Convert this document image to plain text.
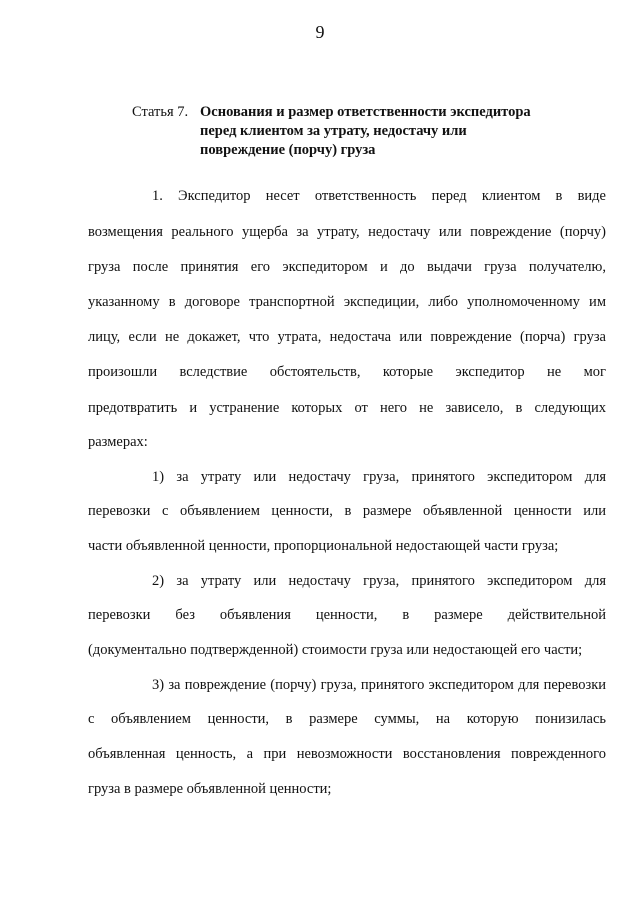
9
Статья 7. Основания и размер ответственности экспедитора
перед клиентом за утрату, недостачу или
повреждение (порчу) груза
1. Экспедитор несет ответственность перед клиентом в виде
возмещения реального ущерба за утрату, недостачу или повреждение (порчу)
груза после принятия его экспедитором и до выдачи груза получателю,
указанному в договоре транспортной экспедиции, либо уполномоченному им
лицу, если не докажет, что утрата, недостача или повреждение (порча) груза
произошли вследствие обстоятельств, которые экспедитор не мог
предотвратить и устранение которых от него не зависело, в следующих
размерах:
1) за утрату или недостачу груза, принятого экспедитором для
перевозки с объявлением ценности, в размере объявленной ценности или
части объявленной ценности, пропорциональной недостающей части груза;
2) за утрату или недостачу груза, принятого экспедитором для
перевозки без объявления ценности, в размере действительной
(документально подтвержденной) стоимости груза или недостающей его части;
3) за повреждение (порчу) груза, принятого экспедитором для перевозки
с объявлением ценности, в размере суммы, на которую понизилась
объявленная ценность, а при невозможности восстановления поврежденного
груза в размере объявленной ценности;
